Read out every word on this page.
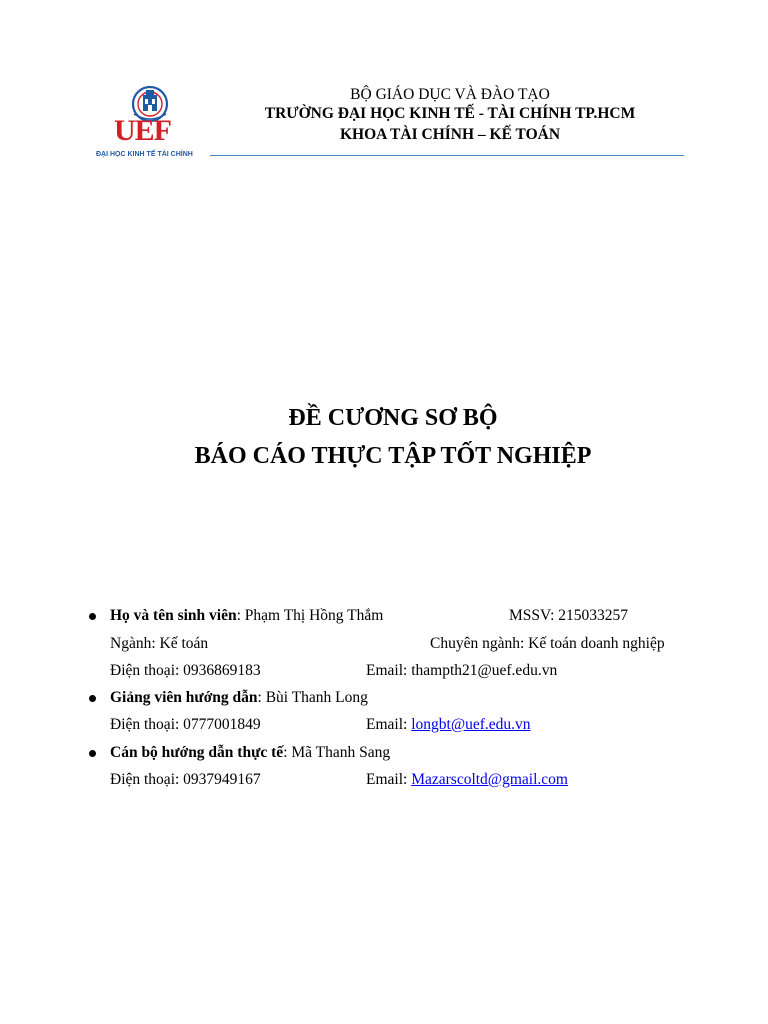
UEF
ĐẠI HỌC KINH TẾ TÀI CHÍNH
BỘ GIÁO DỤC VÀ ĐÀO TẠO
TRƯỜNG ĐẠI HỌC KINH TẾ - TÀI CHÍNH TP.HCM
KHOA TÀI CHÍNH – KẾ TOÁN
ĐỀ CƯƠNG SƠ BỘ
BÁO CÁO THỰC TẬP TỐT NGHIỆP
Họ và tên sinh viên: Phạm Thị Hồng Thắm	MSSV: 215033257
Ngành: Kế toán	Chuyên ngành: Kế toán doanh nghiệp
Điện thoại: 0936869183	Email: thampth21@uef.edu.vn
Giảng viên hướng dẫn: Bùi Thanh Long
Điện thoại: 0777001849	Email: longbt@uef.edu.vn
Cán bộ hướng dẫn thực tế: Mã Thanh Sang
Điện thoại: 0937949167	Email: Mazarscoltd@gmail.com
